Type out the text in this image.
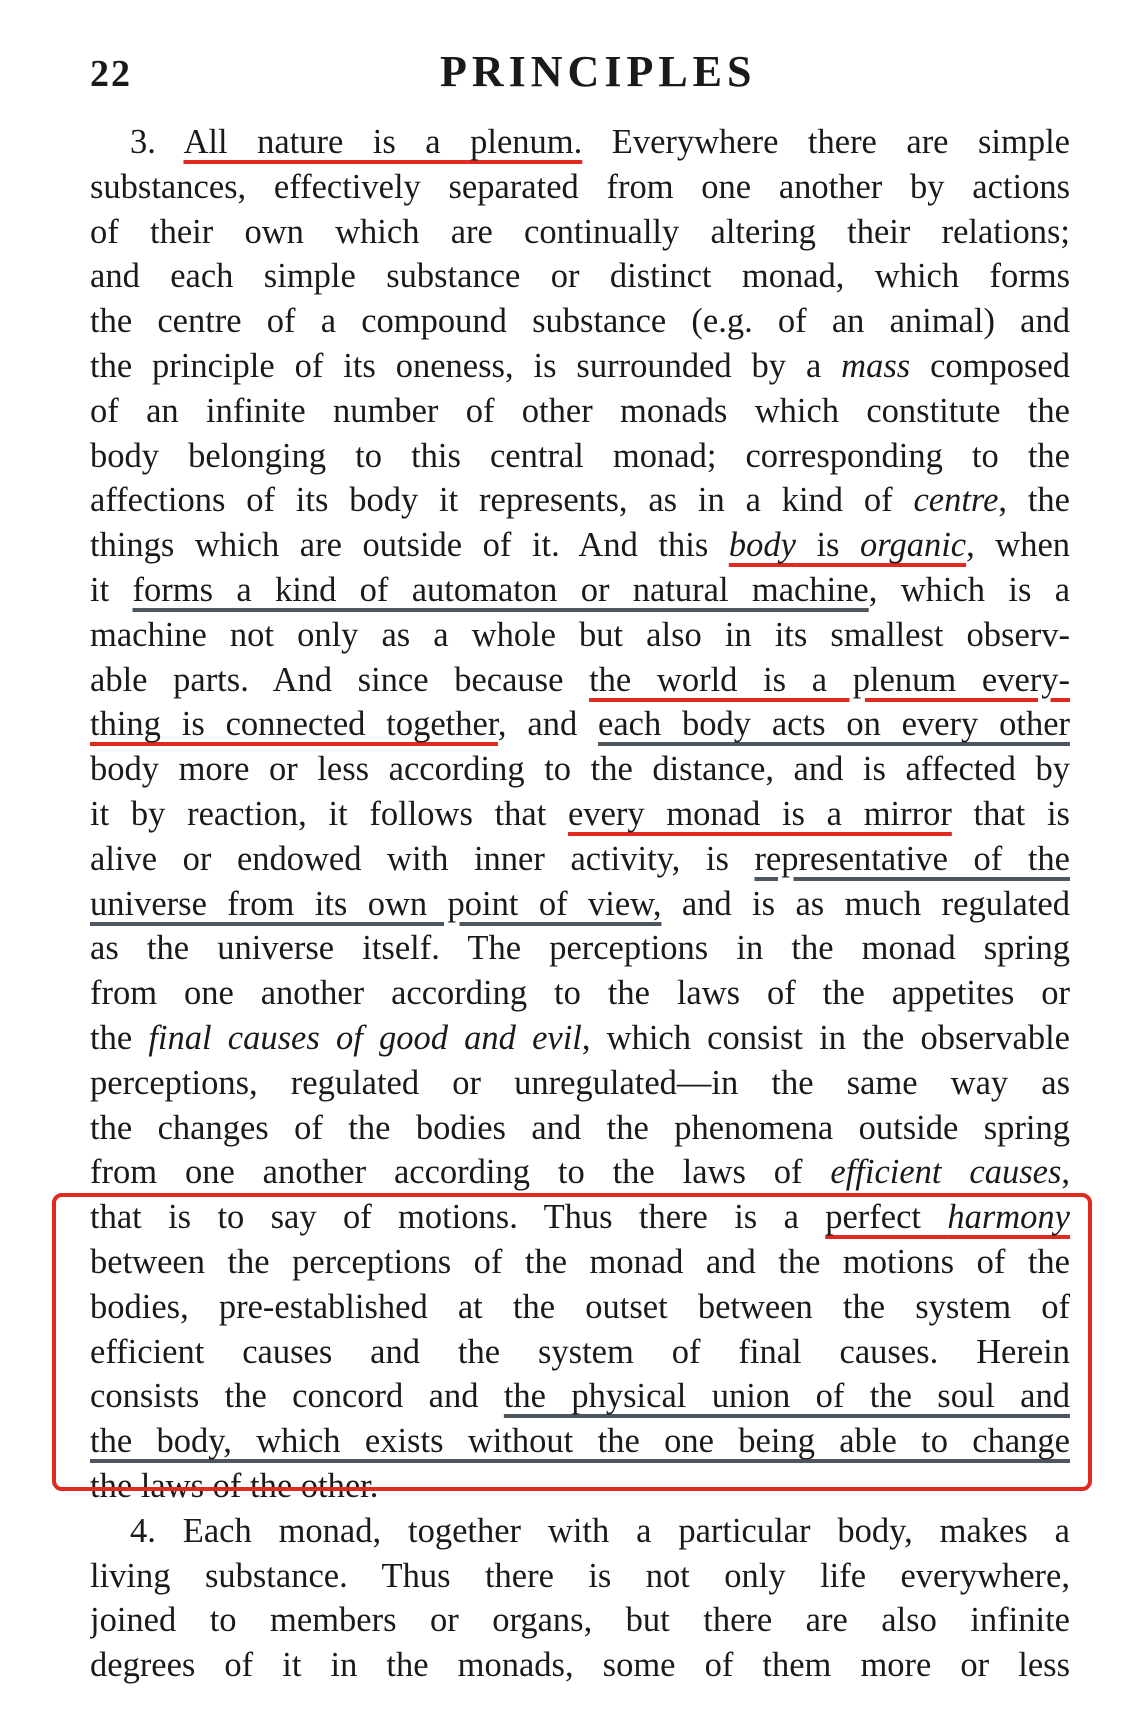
22	PRINCIPLES
3. All nature is a plenum. Everywhere there are simple
substances, effectively separated from one another by actions
of their own which are continually altering their relations;
and each simple substance or distinct monad, which forms
the centre of a compound substance (e.g. of an animal) and
the principle of its oneness, is surrounded by a mass composed
of an infinite number of other monads which constitute the
body belonging to this central monad; corresponding to the
affections of its body it represents, as in a kind of centre, the
things which are outside of it. And this body is organic, when
it forms a kind of automaton or natural machine, which is a
machine not only as a whole but also in its smallest observ-
able parts. And since because the world is a plenum every-
thing is connected together, and each body acts on every other
body more or less according to the distance, and is affected by
it by reaction, it follows that every monad is a mirror that is
alive or endowed with inner activity, is representative of the
universe from its own point of view, and is as much regulated
as the universe itself. The perceptions in the monad spring
from one another according to the laws of the appetites or
the final causes of good and evil, which consist in the observable
perceptions, regulated or unregulated—in the same way as
the changes of the bodies and the phenomena outside spring
from one another according to the laws of efficient causes,
that is to say of motions. Thus there is a perfect harmony
between the perceptions of the monad and the motions of the
bodies, pre-established at the outset between the system of
efficient causes and the system of final causes. Herein
consists the concord and the physical union of the soul and
the body, which exists without the one being able to change
the laws of the other.
4. Each monad, together with a particular body, makes a
living substance. Thus there is not only life everywhere,
joined to members or organs, but there are also infinite
degrees of it in the monads, some of them more or less
